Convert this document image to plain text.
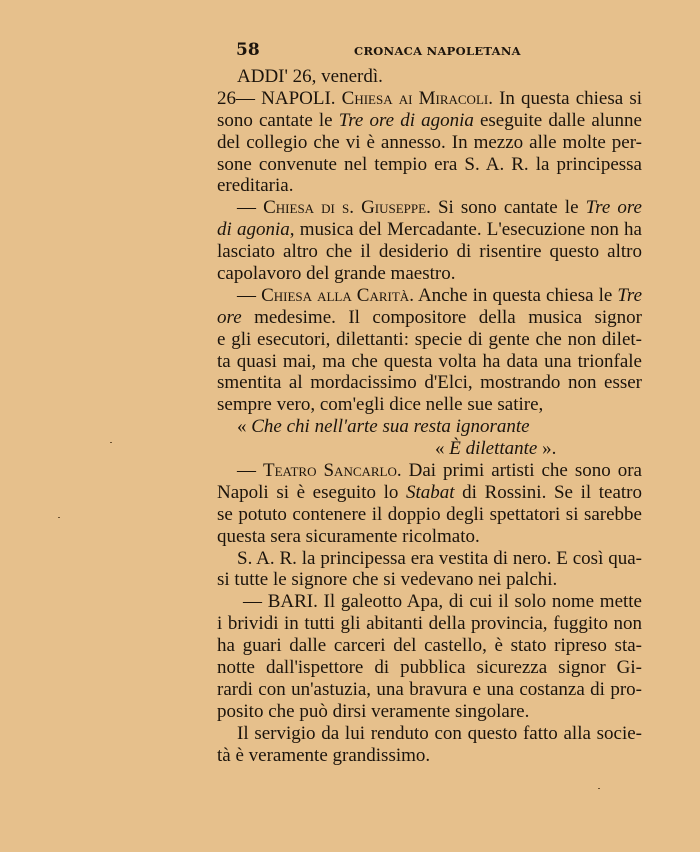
58	CRONACA NAPOLETANA
ADDI' 26, venerdì.
26— NAPOLI. Chiesa ai Miracoli. In questa chiesa si
sono cantate le Tre ore di agonia eseguite dalle alunne
del collegio che vi è annesso. In mezzo alle molte per-
sone convenute nel tempio era S. A. R. la principessa
ereditaria.
— Chiesa di s. Giuseppe. Si sono cantate le Tre ore
di agonia, musica del Mercadante. L'esecuzione non ha
lasciato altro che il desiderio di risentire questo altro
capolavoro del grande maestro.
— Chiesa alla Carità. Anche in questa chiesa le Tre
ore medesime. Il compositore della musica signor
e gli esecutori, dilettanti: specie di gente che non dilet-
ta quasi mai, ma che questa volta ha data una trionfale
smentita al mordacissimo d'Elci, mostrando non esser
sempre vero, com'egli dice nelle sue satire,
« Che chi nell'arte sua resta ignorante
« È dilettante ».
— Teatro Sancarlo. Dai primi artisti che sono ora
Napoli si è eseguito lo Stabat di Rossini. Se il teatro
se potuto contenere il doppio degli spettatori si sarebbe
questa sera sicuramente ricolmato.
S. A. R. la principessa era vestita di nero. E così qua-
si tutte le signore che si vedevano nei palchi.
— BARI. Il galeotto Apa, di cui il solo nome mette
i brividi in tutti gli abitanti della provincia, fuggito non
ha guari dalle carceri del castello, è stato ripreso sta-
notte dall'ispettore di pubblica sicurezza signor Gi-
rardi con un'astuzia, una bravura e una costanza di pro-
posito che può dirsi veramente singolare.
Il servigio da lui renduto con questo fatto alla socie-
tà è veramente grandissimo.
